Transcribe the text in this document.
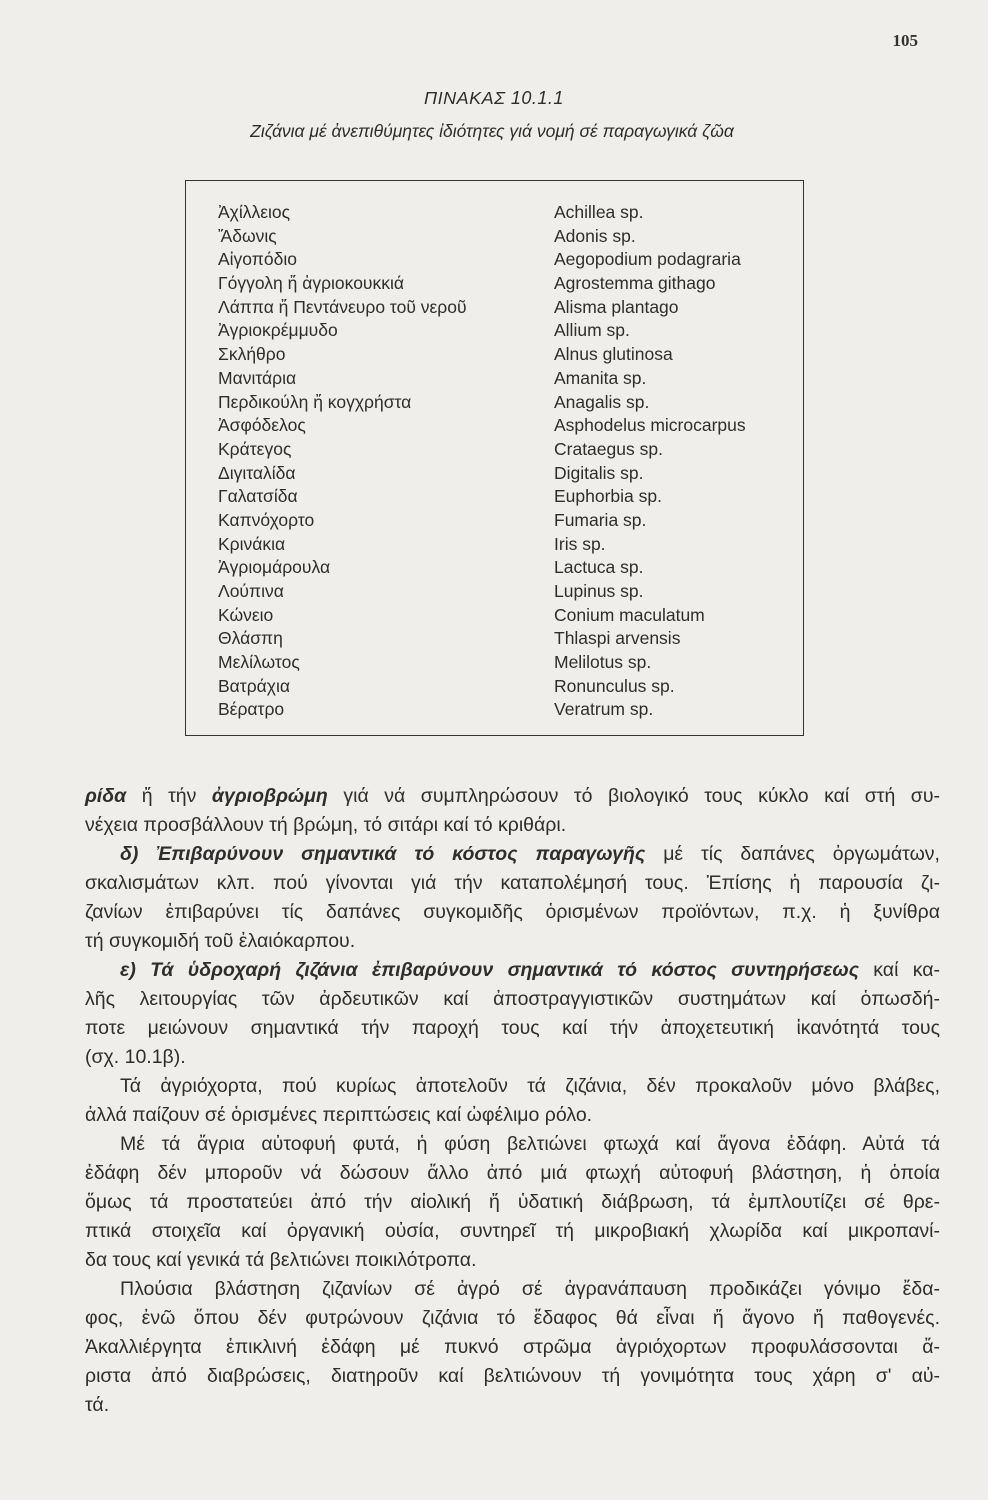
105
ΠΙΝΑΚΑΣ 10.1.1
Ζιζάνια μέ ἀνεπιθύμητες ἰδιότητες γιά νομή σέ παραγωγικά ζῶα
Ἀχίλλειος	Achillea sp.
Ἄδωνις	Adonis sp.
Αἰγοπόδιο	Aegopodium podagraria
Γόγγολη ἤ ἀγριοκουκκιά	Agrostemma githago
Λάππα ἤ Πεντάνευρο τοῦ νεροῦ	Alisma plantago
Ἀγριοκρέμμυδο	Allium sp.
Σκλήθρο	Alnus glutinosa
Μανιτάρια	Amanita sp.
Περδικούλη ἤ κογχρήστα	Anagalis sp.
Ἀσφόδελος	Asphodelus microcarpus
Κράτεγος	Crataegus sp.
Διγιταλίδα	Digitalis sp.
Γαλατσίδα	Euphorbia sp.
Καπνόχορτο	Fumaria sp.
Κρινάκια	Iris sp.
Ἀγριομάρουλα	Lactuca sp.
Λούπινα	Lupinus sp.
Κώνειο	Conium maculatum
Θλάσπη	Thlaspi arvensis
Μελίλωτος	Melilotus sp.
Βατράχια	Ronunculus sp.
Βέρατρο	Veratrum sp.
ρίδα ἤ τήν ἀγριοβρώμη γιά νά συμπληρώσουν τό βιολογικό τους κύκλο καί στή συ-
νέχεια προσβάλλουν τή βρώμη, τό σιτάρι καί τό κριθάρι.
δ) Ἐπιβαρύνουν σημαντικά τό κόστος παραγωγῆς μέ τίς δαπάνες ὀργωμάτων,
σκαλισμάτων κλπ. πού γίνονται γιά τήν καταπολέμησή τους. Ἐπίσης ἡ παρουσία ζι-
ζανίων ἐπιβαρύνει τίς δαπάνες συγκομιδῆς ὁρισμένων προϊόντων, π.χ. ἡ ξυνίθρα
τή συγκομιδή τοῦ ἐλαιόκαρπου.
ε) Τά ὑδροχαρή ζιζάνια ἐπιβαρύνουν σημαντικά τό κόστος συντηρήσεως καί κα-
λῆς λειτουργίας τῶν ἀρδευτικῶν καί ἀποστραγγιστικῶν συστημάτων καί ὁπωσδή-
ποτε μειώνουν σημαντικά τήν παροχή τους καί τήν ἀποχετευτική ἱκανότητά τους
(σχ. 10.1β).
Τά ἀγριόχορτα, πού κυρίως ἀποτελοῦν τά ζιζάνια, δέν προκαλοῦν μόνο βλάβες,
ἀλλά παίζουν σέ ὁρισμένες περιπτώσεις καί ὠφέλιμο ρόλο.
Μέ τά ἄγρια αὐτοφυή φυτά, ἡ φύση βελτιώνει φτωχά καί ἄγονα ἐδάφη. Αὐτά τά
ἐδάφη δέν μποροῦν νά δώσουν ἄλλο ἀπό μιά φτωχή αὐτοφυή βλάστηση, ἡ ὁποία
ὅμως τά προστατεύει ἀπό τήν αἰολική ἤ ὑδατική διάβρωση, τά ἐμπλουτίζει σέ θρε-
πτικά στοιχεῖα καί ὀργανική οὐσία, συντηρεῖ τή μικροβιακή χλωρίδα καί μικροπανί-
δα τους καί γενικά τά βελτιώνει ποικιλότροπα.
Πλούσια βλάστηση ζιζανίων σέ ἀγρό σέ ἀγρανάπαυση προδικάζει γόνιμο ἔδα-
φος, ἐνῶ ὅπου δέν φυτρώνουν ζιζάνια τό ἔδαφος θά εἶναι ἤ ἄγονο ἤ παθογενές.
Ἀκαλλιέργητα ἐπικλινή ἐδάφη μέ πυκνό στρῶμα ἀγριόχορτων προφυλάσσονται ἄ-
ριστα ἀπό διαβρώσεις, διατηροῦν καί βελτιώνουν τή γονιμότητα τους χάρη σ' αὐ-
τά.
